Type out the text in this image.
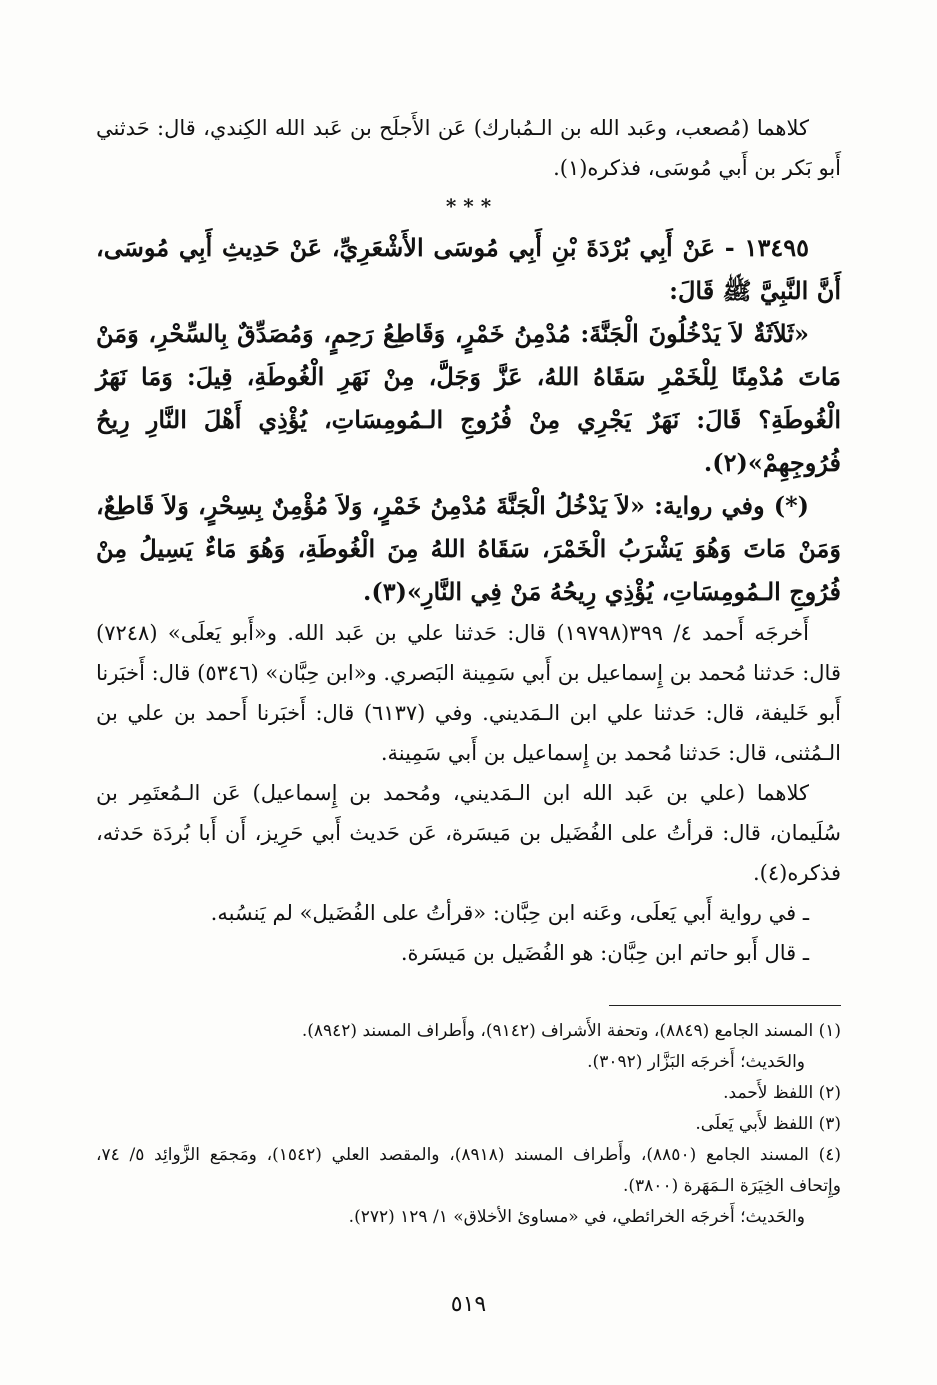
كلاهما (مُصعب، وعَبد الله بن الـمُبارك) عَن الأَجلَح بن عَبد الله الكِندي، قال: حَدثني أَبو بَكر بن أَبي مُوسَى، فذكره(١).

* * *

١٣٤٩٥ - عَنْ أَبِي بُرْدَةَ بْنِ أَبِي مُوسَى الأَشْعَرِيِّ، عَنْ حَدِيثِ أَبِي مُوسَى، أَنَّ النَّبِيَّ ﷺ قَالَ:

«ثَلاَثَةٌ لاَ يَدْخُلُونَ الْجَنَّةَ: مُدْمِنُ خَمْرٍ، وَقَاطِعُ رَحِمٍ، وَمُصَدِّقٌ بِالسِّحْرِ، وَمَنْ مَاتَ مُدْمِنًا لِلْخَمْرِ سَقَاهُ اللهُ، عَزَّ وَجَلَّ، مِنْ نَهَرِ الْغُوطَةِ، قِيلَ: وَمَا نَهَرُ الْغُوطَةِ؟ قَالَ: نَهَرٌ يَجْرِي مِنْ فُرُوجِ الـمُومِسَاتِ، يُؤْذِي أَهْلَ النَّارِ رِيحُ فُرُوجِهِمْ»(٢).

(*) وفي رواية: «لاَ يَدْخُلُ الْجَنَّةَ مُدْمِنُ خَمْرٍ، وَلاَ مُؤْمِنٌ بِسِحْرٍ، وَلاَ قَاطِعٌ، وَمَنْ مَاتَ وَهُوَ يَشْرَبُ الْخَمْرَ، سَقَاهُ اللهُ مِنَ الْغُوطَةِ، وَهُوَ مَاءٌ يَسِيلُ مِنْ فُرُوجِ الـمُومِسَاتِ، يُؤْذِي رِيحُهُ مَنْ فِي النَّارِ»(٣).

أَخرجَه أَحمد ٤/ ٣٩٩(١٩٧٩٨) قال: حَدثنا علي بن عَبد الله. و«أَبو يَعلَى» (٧٢٤٨) قال: حَدثنا مُحمد بن إِسماعيل بن أَبي سَمِينة البَصري. و«ابن حِبَّان» (٥٣٤٦) قال: أَخبَرنا أَبو خَليفة، قال: حَدثنا علي ابن الـمَديني. وفي (٦١٣٧) قال: أَخبَرنا أَحمد بن علي بن الـمُثنى، قال: حَدثنا مُحمد بن إِسماعيل بن أَبي سَمِينة.

كلاهما (علي بن عَبد الله ابن الـمَديني، ومُحمد بن إِسماعيل) عَن الـمُعتَمِر بن سُلَيمان، قال: قرأتُ على الفُضَيل بن مَيسَرة، عَن حَديث أَبي حَرِيز، أَن أَبا بُردَة حَدثه، فذكره(٤).

ـ في رواية أَبي يَعلَى، وعَنه ابن حِبَّان: «قرأتُ على الفُضَيل» لم يَنسُبه.

ـ قال أَبو حاتم ابن حِبَّان: هو الفُضَيل بن مَيسَرة.

(١) المسند الجامع (٨٨٤٩)، وتحفة الأَشراف (٩١٤٢)، وأَطراف المسند (٨٩٤٢).

والحَديث؛ أَخرجَه البَزَّار (٣٠٩٢).

(٢) اللفظ لأَحمد.

(٣) اللفظ لأَبي يَعلَى.

(٤) المسند الجامع (٨٨٥٠)، وأَطراف المسند (٨٩١٨)، والمقصد العلي (١٥٤٢)، ومَجمَع الزَّوائِد ٥/ ٧٤، وإِتحاف الخِيَرَة الـمَهَرة (٣٨٠٠).

والحَديث؛ أَخرجَه الخرائطي، في «مساوئ الأخلاق» ١/ ١٢٩ (٢٧٢).

٥١٩
